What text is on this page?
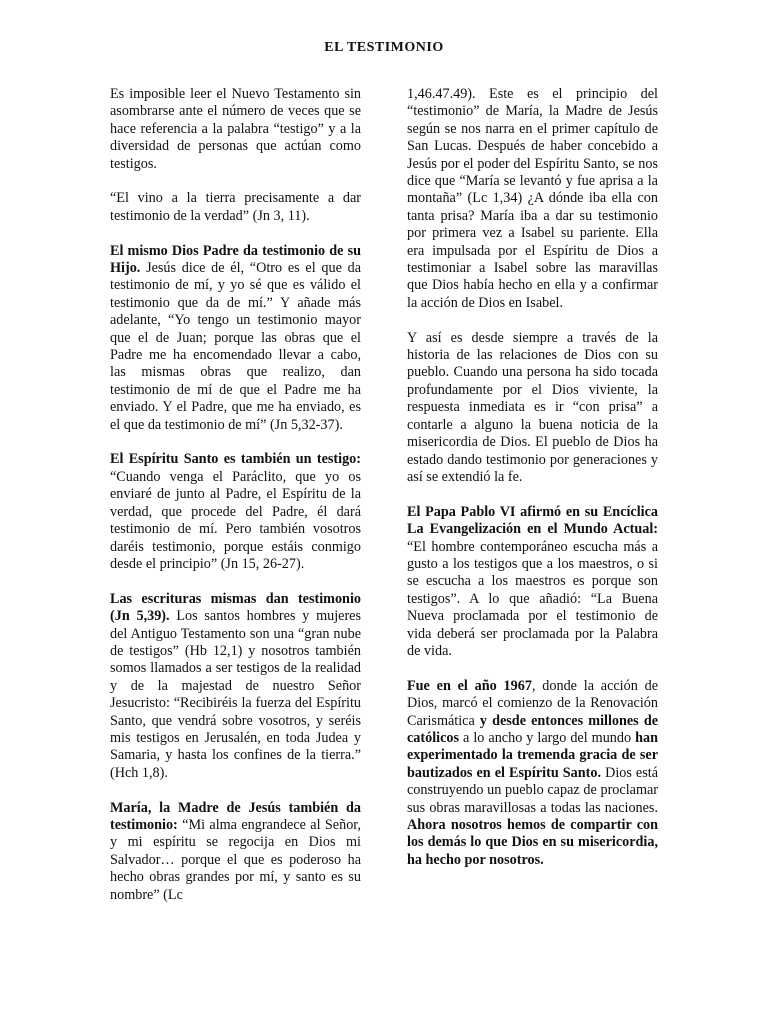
EL TESTIMONIO

Es imposible leer el Nuevo Testamento sin asombrarse ante el número de veces que se hace referencia a la palabra “testigo” y a la diversidad de personas que actúan como testigos.

“El vino a la tierra precisamente a dar testimonio de la verdad” (Jn 3, 11).

El mismo Dios Padre da testimonio de su Hijo. Jesús dice de él, “Otro es el que da testimonio de mí, y yo sé que es válido el testimonio que da de mí.” Y añade más adelante, “Yo tengo un testimonio mayor que el de Juan; porque las obras que el Padre me ha encomendado llevar a cabo, las mismas obras que realizo, dan testimonio de mí de que el Padre me ha enviado. Y el Padre, que me ha enviado, es el que da testimonio de mí” (Jn 5,32-37).

El Espíritu Santo es también un testigo: “Cuando venga el Paráclito, que yo os enviaré de junto al Padre, el Espíritu de la verdad, que procede del Padre, él dará testimonio de mí. Pero también vosotros daréis testimonio, porque estáis conmigo desde el principio” (Jn 15, 26-27).

Las escrituras mismas dan testimonio (Jn 5,39). Los santos hombres y mujeres del Antiguo Testamento son una “gran nube de testigos” (Hb 12,1) y nosotros también somos llamados a ser testigos de la realidad y de la majestad de nuestro Señor Jesucristo: “Recibiréis la fuerza del Espíritu Santo, que vendrá sobre vosotros, y seréis mis testigos en Jerusalén, en toda Judea y Samaria, y hasta los confines de la tierra.” (Hch 1,8).

María, la Madre de Jesús también da testimonio: “Mi alma engrandece al Señor, y mi espíritu se regocija en Dios mi Salvador… porque el que es poderoso ha hecho obras grandes por mí, y santo es su nombre” (Lc

1,46.47.49). Este es el principio del “testimonio” de María, la Madre de Jesús según se nos narra en el primer capítulo de San Lucas. Después de haber concebido a Jesús por el poder del Espíritu Santo, se nos dice que “María se levantó y fue aprisa a la montaña” (Lc 1,34) ¿A dónde iba ella con tanta prisa? María iba a dar su testimonio por primera vez a Isabel su pariente. Ella era impulsada por el Espíritu de Dios a testimoniar a Isabel sobre las maravillas que Dios había hecho en ella y a confirmar la acción de Dios en Isabel.

Y así es desde siempre a través de la historia de las relaciones de Dios con su pueblo. Cuando una persona ha sido tocada profundamente por el Dios viviente, la respuesta inmediata es ir “con prisa” a contarle a alguno la buena noticia de la misericordia de Dios. El pueblo de Dios ha estado dando testimonio por generaciones y así se extendió la fe.

El Papa Pablo VI afirmó en su Encíclica La Evangelización en el Mundo Actual: “El hombre contemporáneo escucha más a gusto a los testigos que a los maestros, o si se escucha a los maestros es porque son testigos”. A lo que añadió: “La Buena Nueva proclamada por el testimonio de vida deberá ser proclamada por la Palabra de vida.

Fue en el año 1967, donde la acción de Dios, marcó el comienzo de la Renovación Carismática y desde entonces millones de católicos a lo ancho y largo del mundo han experimentado la tremenda gracia de ser bautizados en el Espíritu Santo. Dios está construyendo un pueblo capaz de proclamar sus obras maravillosas a todas las naciones. Ahora nosotros hemos de compartir con los demás lo que Dios en su misericordia, ha hecho por nosotros.
